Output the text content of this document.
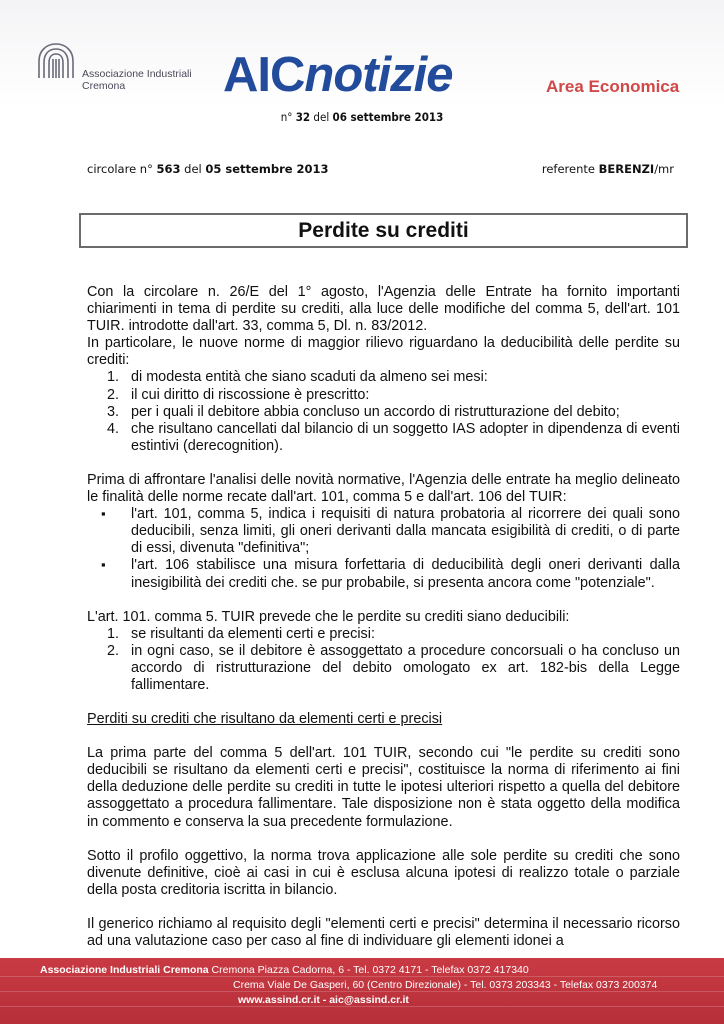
Associazione Industriali
Cremona	AICnotizie	Area Economica
n° 32 del 06 settembre 2013
circolare n° 563 del 05 settembre 2013	referente BERENZI/mr
Perdite su crediti

Con la circolare n. 26/E del 1° agosto, l'Agenzia delle Entrate ha fornito importanti chiarimenti in tema di perdite su crediti, alla luce delle modifiche del comma 5, dell'art. 101 TUIR. introdotte dall'art. 33, comma 5, Dl. n. 83/2012.

In particolare, le nuove norme di maggior rilievo riguardano la deducibilità delle perdite su crediti:

1. di modesta entità che siano scaduti da almeno sei mesi:
2. il cui diritto di riscossione è prescritto:
3. per i quali il debitore abbia concluso un accordo di ristrutturazione del debito;
4. che risultano cancellati dal bilancio di un soggetto IAS adopter in dipendenza di eventi estintivi (derecognition).

Prima di affrontare l'analisi delle novità normative, l'Agenzia delle entrate ha meglio delineato le finalità delle norme recate dall'art. 101, comma 5 e dall'art. 106 del TUIR:

▪ l'art. 101, comma 5, indica i requisiti di natura probatoria al ricorrere dei quali sono deducibili, senza limiti, gli oneri derivanti dalla mancata esigibilità di crediti, o di parte di essi, divenuta "definitiva";
▪ l'art. 106 stabilisce una misura forfettaria di deducibilità degli oneri derivanti dalla inesigibilità dei crediti che. se pur probabile, si presenta ancora come "potenziale".

L'art. 101. comma 5. TUIR prevede che le perdite su crediti siano deducibili:

1. se risultanti da elementi certi e precisi:
2. in ogni caso, se il debitore è assoggettato a procedure concorsuali o ha concluso un accordo di ristrutturazione del debito omologato ex art. 182-bis della Legge fallimentare.

Perditi su crediti che risultano da elementi certi e precisi

La prima parte del comma 5 dell'art. 101 TUIR, secondo cui "le perdite su crediti sono deducibili se risultano da elementi certi e precisi", costituisce la norma di riferimento ai fini della deduzione delle perdite su crediti in tutte le ipotesi ulteriori rispetto a quella del debitore assoggettato a procedura fallimentare. Tale disposizione non è stata oggetto della modifica in commento e conserva la sua precedente formulazione.

Sotto il profilo oggettivo, la norma trova applicazione alle sole perdite su crediti che sono divenute definitive, cioè ai casi in cui è esclusa alcuna ipotesi di realizzo totale o parziale della posta creditoria iscritta in bilancio.

Il generico richiamo al requisito degli "elementi certi e precisi" determina il necessario ricorso ad una valutazione caso per caso al fine di individuare gli elementi idonei a

Associazione Industriali Cremona Cremona Piazza Cadorna, 6 - Tel. 0372 4171 - Telefax 0372 417340
Crema Viale De Gasperi, 60 (Centro Direzionale) - Tel. 0373 203343 - Telefax 0373 200374
www.assind.cr.it - aic@assind.cr.it
